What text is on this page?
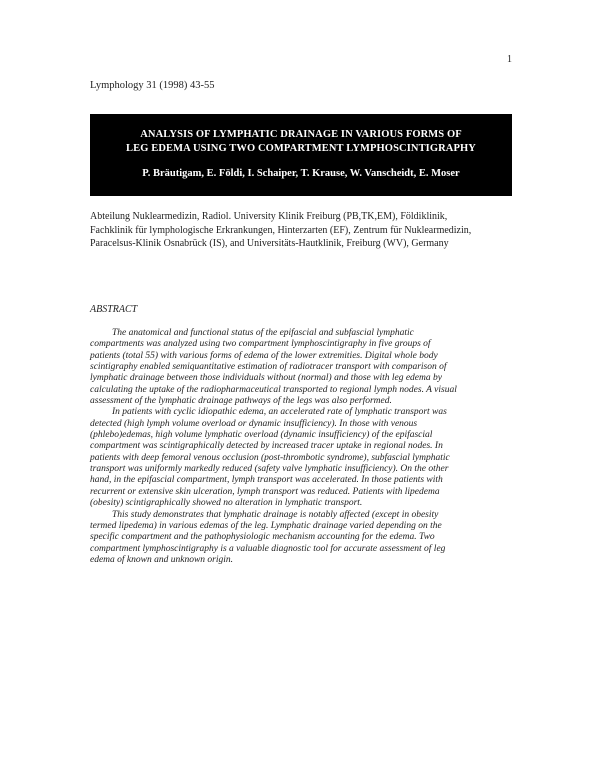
1
Lymphology 31 (1998) 43-55
ANALYSIS OF LYMPHATIC DRAINAGE IN VARIOUS FORMS OF
LEG EDEMA USING TWO COMPARTMENT LYMPHOSCINTIGRAPHY
P. Bräutigam, E. Földi, I. Schaiper, T. Krause, W. Vanscheidt, E. Moser
Abteilung Nuklearmedizin, Radiol. University Klinik Freiburg (PB,TK,EM), Földiklinik,
Fachklinik für lymphologische Erkrankungen, Hinterzarten (EF), Zentrum für Nuklearmedizin,
Paracelsus-Klinik Osnabrück (IS), and Universitäts-Hautklinik, Freiburg (WV), Germany
ABSTRACT
The anatomical and functional status of the epifascial and subfascial lymphatic
compartments was analyzed using two compartment lymphoscintigraphy in five groups of
patients (total 55) with various forms of edema of the lower extremities. Digital whole body
scintigraphy enabled semiquantitative estimation of radiotracer transport with comparison of
lymphatic drainage between those individuals without (normal) and those with leg edema by
calculating the uptake of the radiopharmaceutical transported to regional lymph nodes. A visual
assessment of the lymphatic drainage pathways of the legs was also performed.
In patients with cyclic idiopathic edema, an accelerated rate of lymphatic transport was
detected (high lymph volume overload or dynamic insufficiency). In those with venous
(phlebo)edemas, high volume lymphatic overload (dynamic insufficiency) of the epifascial
compartment was scintigraphically detected by increased tracer uptake in regional nodes. In
patients with deep femoral venous occlusion (post-thrombotic syndrome), subfascial lymphatic
transport was uniformly markedly reduced (safety valve lymphatic insufficiency). On the other
hand, in the epifascial compartment, lymph transport was accelerated. In those patients with
recurrent or extensive skin ulceration, lymph transport was reduced. Patients with lipedema
(obesity) scintigraphically showed no alteration in lymphatic transport.
This study demonstrates that lymphatic drainage is notably affected (except in obesity
termed lipedema) in various edemas of the leg. Lymphatic drainage varied depending on the
specific compartment and the pathophysiologic mechanism accounting for the edema. Two
compartment lymphoscintigraphy is a valuable diagnostic tool for accurate assessment of leg
edema of known and unknown origin.
